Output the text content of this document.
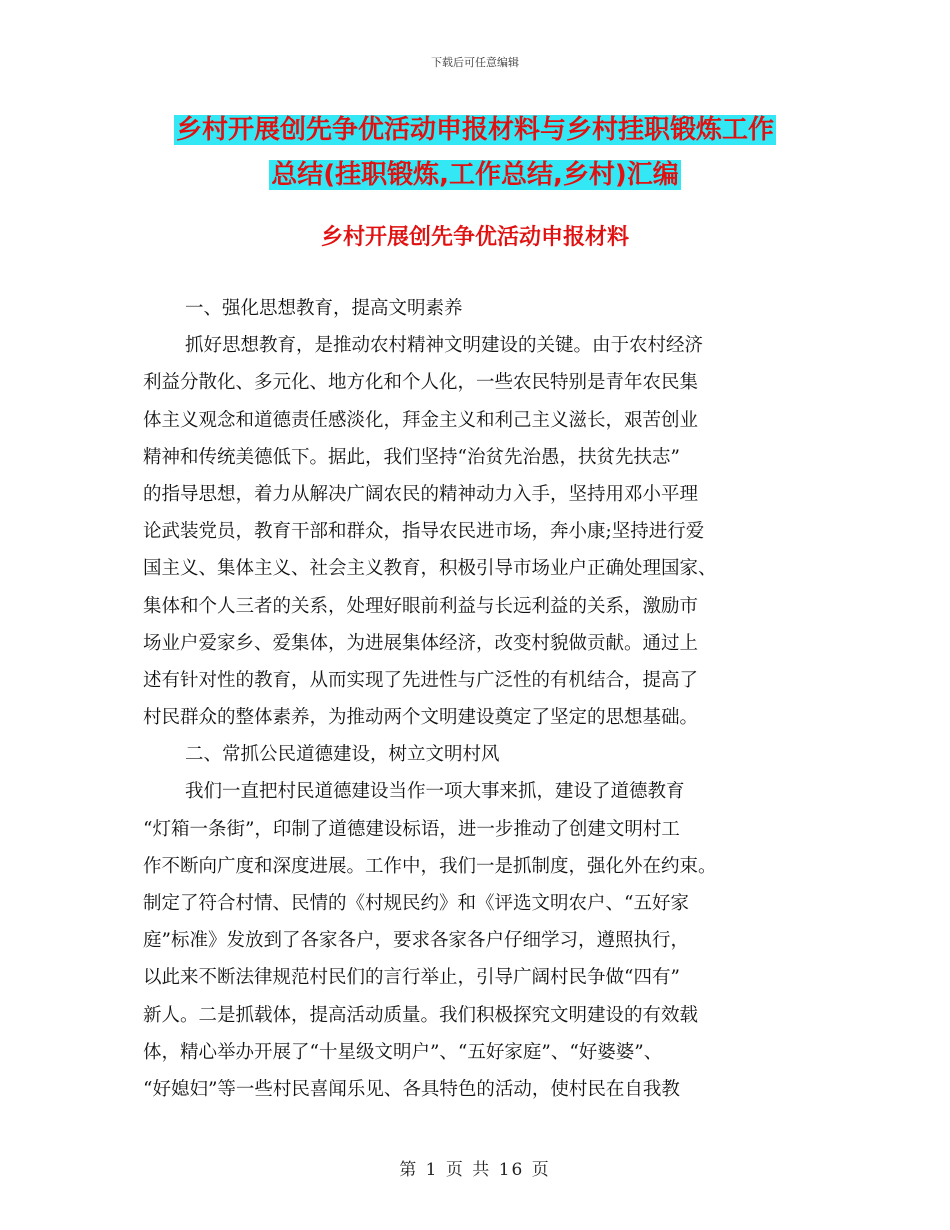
下载后可任意编辑
乡村开展创先争优活动申报材料与乡村挂职锻炼工作
总结(挂职锻炼,工作总结,乡村)汇编
乡村开展创先争优活动申报材料
一、强化思想教育，提高文明素养
抓好思想教育，是推动农村精神文明建设的关键。由于农村经济
利益分散化、多元化、地方化和个人化，一些农民特别是青年农民集
体主义观念和道德责任感淡化，拜金主义和利己主义滋长，艰苦创业
精神和传统美德低下。据此，我们坚持“治贫先治愚，扶贫先扶志”
的指导思想，着力从解决广阔农民的精神动力入手，坚持用邓小平理
论武装党员，教育干部和群众，指导农民进市场，奔小康;坚持进行爱
国主义、集体主义、社会主义教育，积极引导市场业户正确处理国家、
集体和个人三者的关系，处理好眼前利益与长远利益的关系，激励市
场业户爱家乡、爱集体，为进展集体经济，改变村貌做贡献。通过上
述有针对性的教育，从而实现了先进性与广泛性的有机结合，提高了
村民群众的整体素养，为推动两个文明建设奠定了坚定的思想基础。
二、常抓公民道德建设，树立文明村风
我们一直把村民道德建设当作一项大事来抓，建设了道德教育
“灯箱一条街”，印制了道德建设标语，进一步推动了创建文明村工
作不断向广度和深度进展。工作中，我们一是抓制度，强化外在约束。
制定了符合村情、民情的《村规民约》和《评选文明农户、“五好家
庭”标准》发放到了各家各户，要求各家各户仔细学习，遵照执行，
以此来不断法律规范村民们的言行举止，引导广阔村民争做“四有”
新人。二是抓载体，提高活动质量。我们积极探究文明建设的有效载
体，精心举办开展了“十星级文明户”、“五好家庭”、“好婆婆”、
“好媳妇”等一些村民喜闻乐见、各具特色的活动，使村民在自我教
第 1 页 共 16 页
